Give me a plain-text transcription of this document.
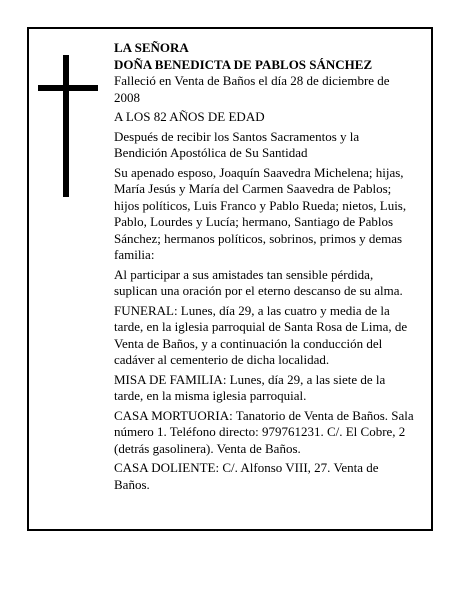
LA SEÑORA

DOÑA BENEDICTA DE PABLOS SÁNCHEZ

Falleció en Venta de Baños el día 28 de diciembre de 2008

A LOS 82 AÑOS DE EDAD

Después de recibir los Santos Sacramentos y la Bendición Apostólica de Su Santidad

Su apenado esposo, Joaquín Saavedra Michelena; hijas, María Jesús y María del Carmen Saavedra de Pablos; hijos políticos, Luis Franco y Pablo Rueda; nietos, Luis, Pablo, Lourdes y Lucía; hermano, Santiago de Pablos Sánchez; hermanos políticos, sobrinos, primos y demas familia:

Al participar a sus amistades tan sensible pérdida, suplican una oración por el eterno descanso de su alma.

FUNERAL: Lunes, día 29, a las cuatro y media de la tarde, en la iglesia parroquial de Santa Rosa de Lima, de Venta de Baños, y a continuación la conducción del cadáver al cementerio de dicha localidad.

MISA DE FAMILIA: Lunes, día 29, a las siete de la tarde, en la misma iglesia parroquial.

CASA MORTUORIA: Tanatorio de Venta de Baños. Sala número 1. Teléfono directo: 979761231. C/. El Cobre, 2 (detrás gasolinera). Venta de Baños.

CASA DOLIENTE: C/. Alfonso VIII, 27. Venta de Baños.
